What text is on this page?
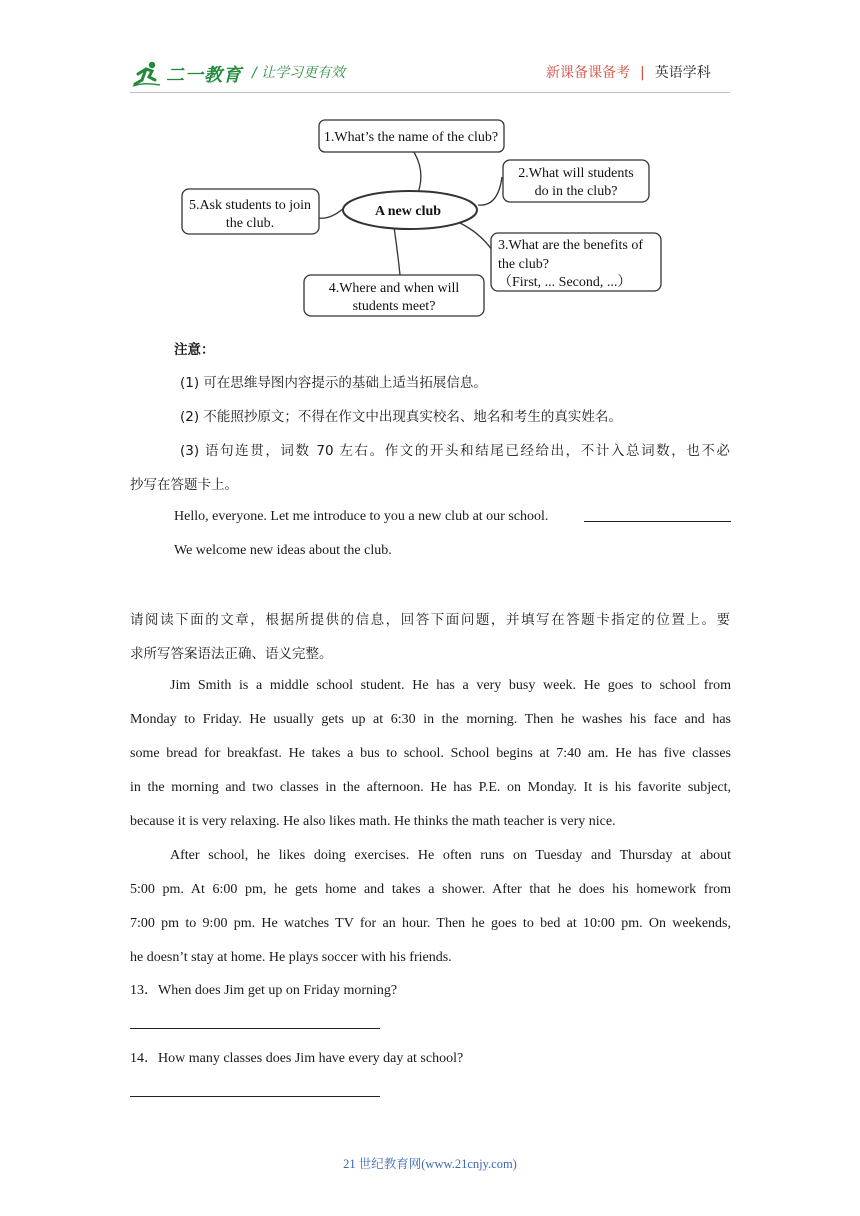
二一教育 / 让学习更有效	新课备课备考 | 英语学科
A new club
1.What’s the name of the club?
2.What will students
do in the club?
3.What are the benefits of
the club?
（First, ... Second, ...）
4.Where and when will
students meet?
5.Ask students to join
the club.
注意：
(1) 可在思维导图内容提示的基础上适当拓展信息。
(2) 不能照抄原文；不得在作文中出现真实校名、地名和考生的真实姓名。
(3) 语句连贯，词数 70 左右。作文的开头和结尾已经给出，不计入总词数，也不必
抄写在答题卡上。
Hello, everyone. Let me introduce to you a new club at our school.
We welcome new ideas about the club.
请阅读下面的文章，根据所提供的信息，回答下面问题，并填写在答题卡指定的位置上。要
求所写答案语法正确、语义完整。
Jim Smith is a middle school student. He has a very busy week. He goes to school from
Monday to Friday. He usually gets up at 6:30 in the morning. Then he washes his face and has
some bread for breakfast. He takes a bus to school. School begins at 7:40 am. He has five classes
in the morning and two classes in the afternoon. He has P.E. on Monday. It is his favorite subject,
because it is very relaxing. He also likes math. He thinks the math teacher is very nice.
After school, he likes doing exercises. He often runs on Tuesday and Thursday at about
5:00 pm. At 6:00 pm, he gets home and takes a shower. After that he does his homework from
7:00 pm to 9:00 pm. He watches TV for an hour. Then he goes to bed at 10:00 pm. On weekends,
he doesn’t stay at home. He plays soccer with his friends.
13．When does Jim get up on Friday morning?
14．How many classes does Jim have every day at school?
21 世纪教育网(www.21cnjy.com)
